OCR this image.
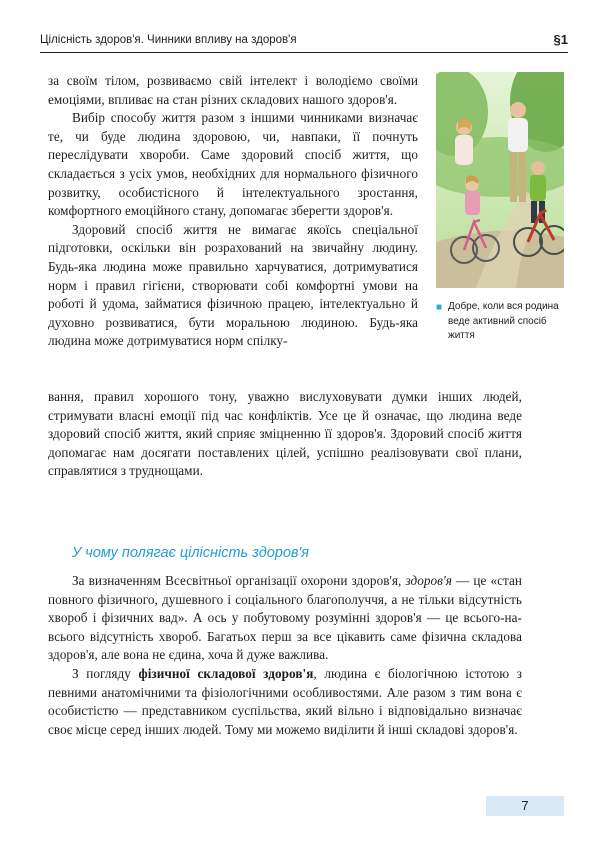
Цілісність здоров'я. Чинники впливу на здоров'я	§1

за своїм тілом, розвиваємо свій інтелект і володіємо своїми емоціями, впливає на стан різних складових нашого здоров'я.

Вибір способу життя разом з іншими чинниками визначає те, чи буде людина здоровою, чи, навпаки, її почнуть переслідувати хвороби. Саме здоровий спосіб життя, що складається з усіх умов, необхідних для нормального фізичного розвитку, особистісного й інтелектуального зростання, комфортного емоційного стану, допомагає зберегти здоров'я.

Здоровий спосіб життя не вимагає якоїсь спеціальної підготовки, оскільки він розрахований на звичайну людину. Будь-яка людина може правильно харчуватися, дотримуватися норм і правил гігієни, створювати собі комфортні умови на роботі й удома, займатися фізичною працею, інтелектуально й духовно розвиватися, бути моральною людиною. Будь-яка людина може дотримуватися норм спілку-

■ Добре, коли вся родина веде активний спосіб життя

вання, правил хорошого тону, уважно вислуховувати думки інших людей, стримувати власні емоції під час конфліктів. Усе це й означає, що людина веде здоровий спосіб життя, який сприяє зміцненню її здоров'я. Здоровий спосіб життя допомагає нам досягати поставлених цілей, успішно реалізовувати свої плани, справлятися з труднощами.

У чому полягає цілісність здоров'я

За визначенням Всесвітньої організації охорони здоров'я, здоров'я — це «стан повного фізичного, душевного і соціального благополуччя, а не тільки відсутність хвороб і фізичних вад». А ось у побутовому розумінні здоров'я — це всього-на-всього відсутність хвороб. Багатьох перш за все цікавить саме фізична складова здоров'я, але вона не єдина, хоча й дуже важлива.

З погляду фізичної складової здоров'я, людина є біологічною істотою з певними анатомічними та фізіологічними особливостями. Але разом з тим вона є особистістю — представником суспільства, який вільно і відповідально визначає своє місце серед інших людей. Тому ми можемо виділити й інші складові здоров'я.

7
